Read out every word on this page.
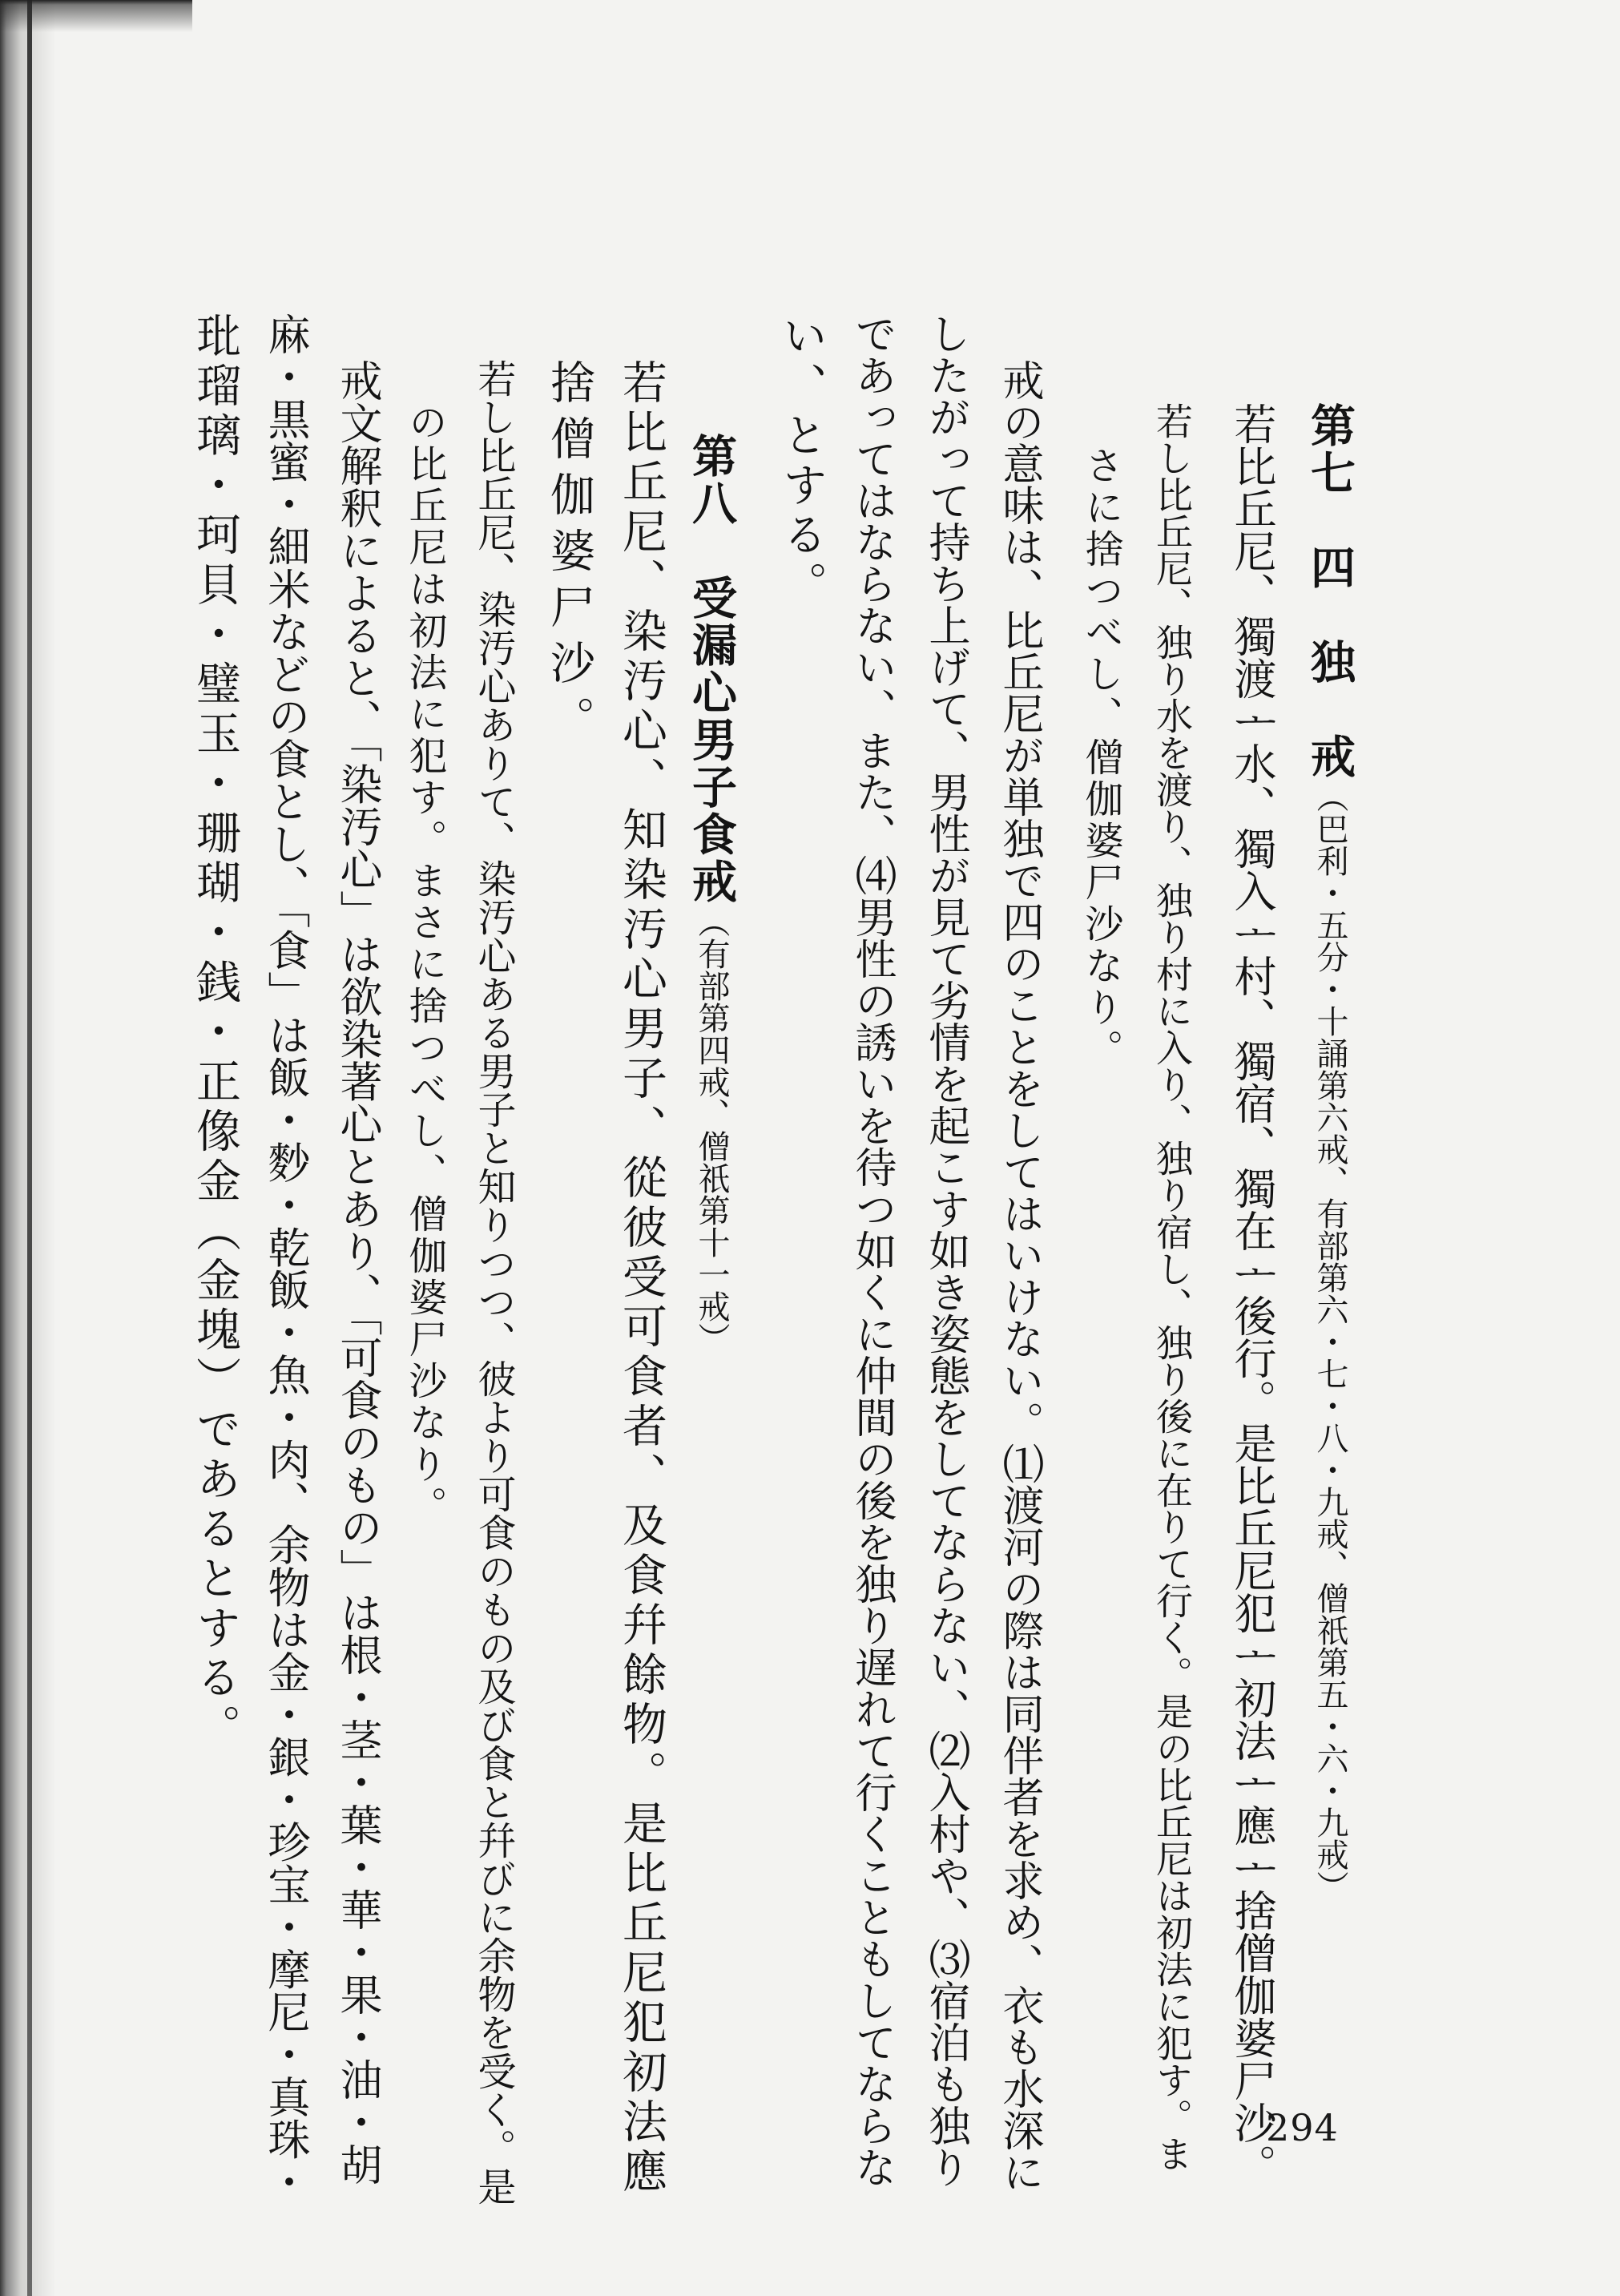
第七　四　独　戒（巴利・五分・十誦第六戒、有部第六・七・八・九戒、僧祇第五・六・九戒）
若比丘尼、獨渡ᅩ水、獨入ᅩ村、獨宿、獨在ᅩ後行。是比丘尼犯ᅩ初法ᅩ應ᅩ捨僧伽婆尸沙。
若し比丘尼、独り水を渡り、独り村に入り、独り宿し、独り後に在りて行く。是の比丘尼は初法に犯す。ま
さに捨つべし、僧伽婆尸沙なり。
戒の意味は、比丘尼が単独で四のことをしてはいけない。⑴渡河の際は同伴者を求め、衣も水深に
したがって持ち上げて、男性が見て劣情を起こす如き姿態をしてならない、⑵入村や、⑶宿泊も独り
であってはならない、また、⑷男性の誘いを待つ如くに仲間の後を独り遅れて行くこともしてならな
い、とする。
第八　受漏心男子食戒（有部第四戒、僧祇第十一戒）
若比丘尼、染汚心、知染汚心男子、從彼受可食者、及食幷餘物。是比丘尼犯初法應
捨僧伽婆尸沙。
若し比丘尼、染汚心ありて、染汚心ある男子と知りつつ、彼より可食のもの及び食と幷びに余物を受く。是
の比丘尼は初法に犯す。まさに捨つべし、僧伽婆尸沙なり。
戒文解釈によると、「染汚心」は欲染著心とあり、「可食のもの」は根・茎・葉・華・果・油・胡
麻・黒蜜・細米などの食とし、「食」は飯・麨・乾飯・魚・肉、余物は金・銀・珍宝・摩尼・真珠・
玭瑠璃・珂貝・璧玉・珊瑚・銭・正像金（金塊）であるとする。
294
